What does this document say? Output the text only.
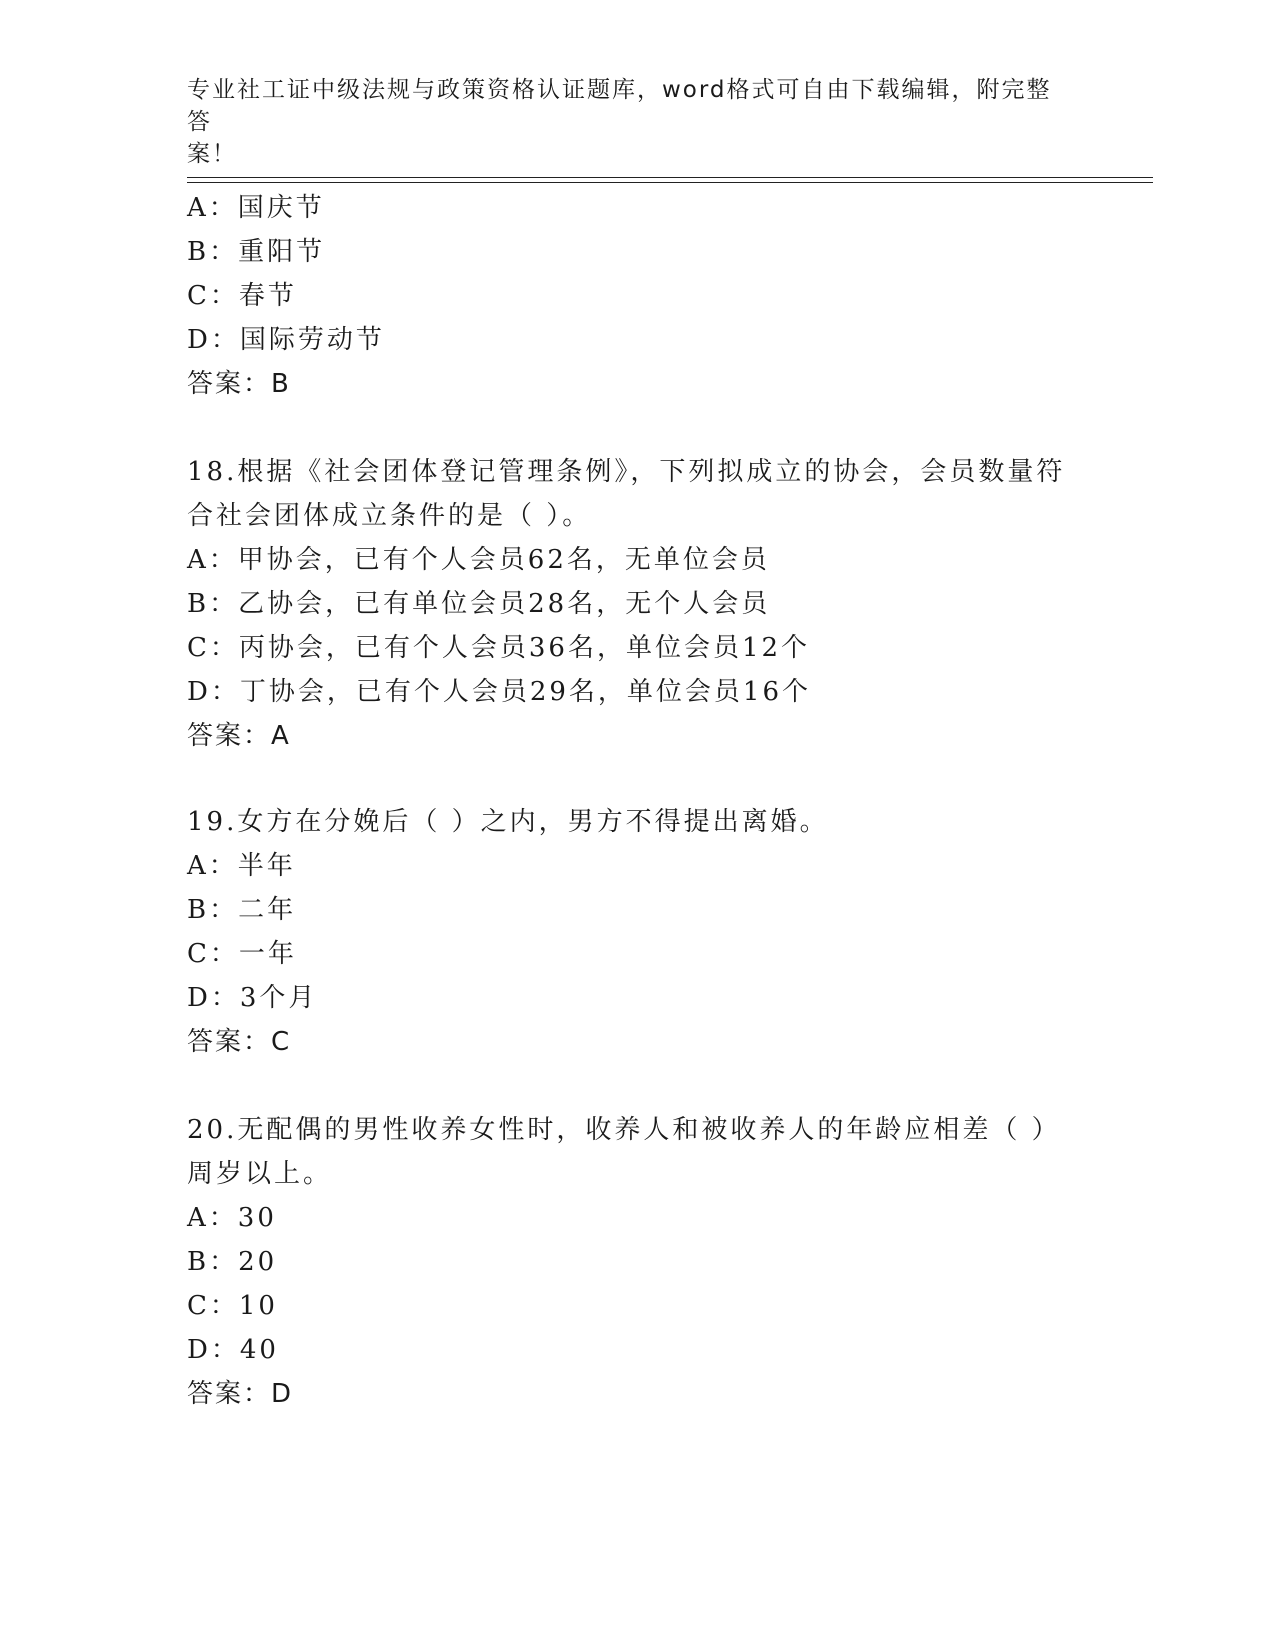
专业社工证中级法规与政策资格认证题库，word格式可自由下载编辑，附完整答
案！
A：国庆节
B：重阳节
C：春节
D：国际劳动节
答案：B
18.根据《社会团体登记管理条例》，下列拟成立的协会，会员数量符
合社会团体成立条件的是（ ）。
A：甲协会，已有个人会员62名，无单位会员
B：乙协会，已有单位会员28名，无个人会员
C：丙协会，已有个人会员36名，单位会员12个
D：丁协会，已有个人会员29名，单位会员16个
答案：A
19.女方在分娩后（ ）之内，男方不得提出离婚。
A：半年
B：二年
C：一年
D：3个月
答案：C
20.无配偶的男性收养女性时，收养人和被收养人的年龄应相差（ ）
周岁以上。
A：30
B：20
C：10
D：40
答案：D
